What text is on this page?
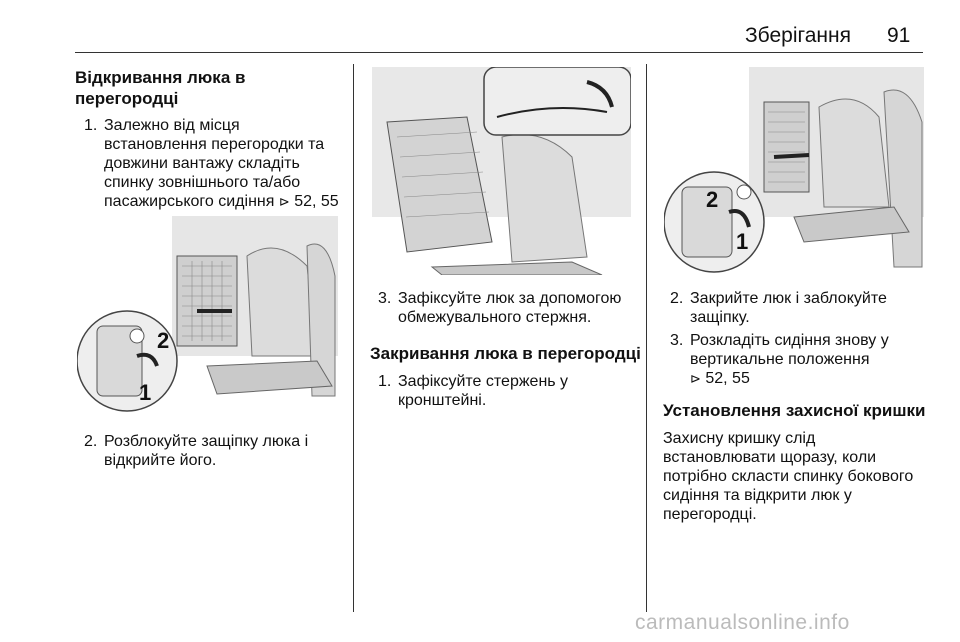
Зберігання 91
Відкривання люка в
перегородці
1. Залежно від місця
встановлення перегородки та
довжини вантажу складіть
спинку зовнішнього та/або
пасажирського сидіння ⊳ 52, 55
2
1
2. Розблокуйте защіпку люка і
відкрийте його.
3. Зафіксуйте люк за допомогою
обмежувального стержня.
Закривання люка в перегородці
1. Зафіксуйте стержень у
кронштейні.
2
1
2. Закрийте люк і заблокуйте
защіпку.
3. Розкладіть сидіння знову у
вертикальне положення
⊳ 52, 55
Установлення захисної кришки
Захисну кришку слід
встановлювати щоразу, коли
потрібно скласти спинку бокового
сидіння та відкрити люк у
перегородці.
carmanualsonline.info
